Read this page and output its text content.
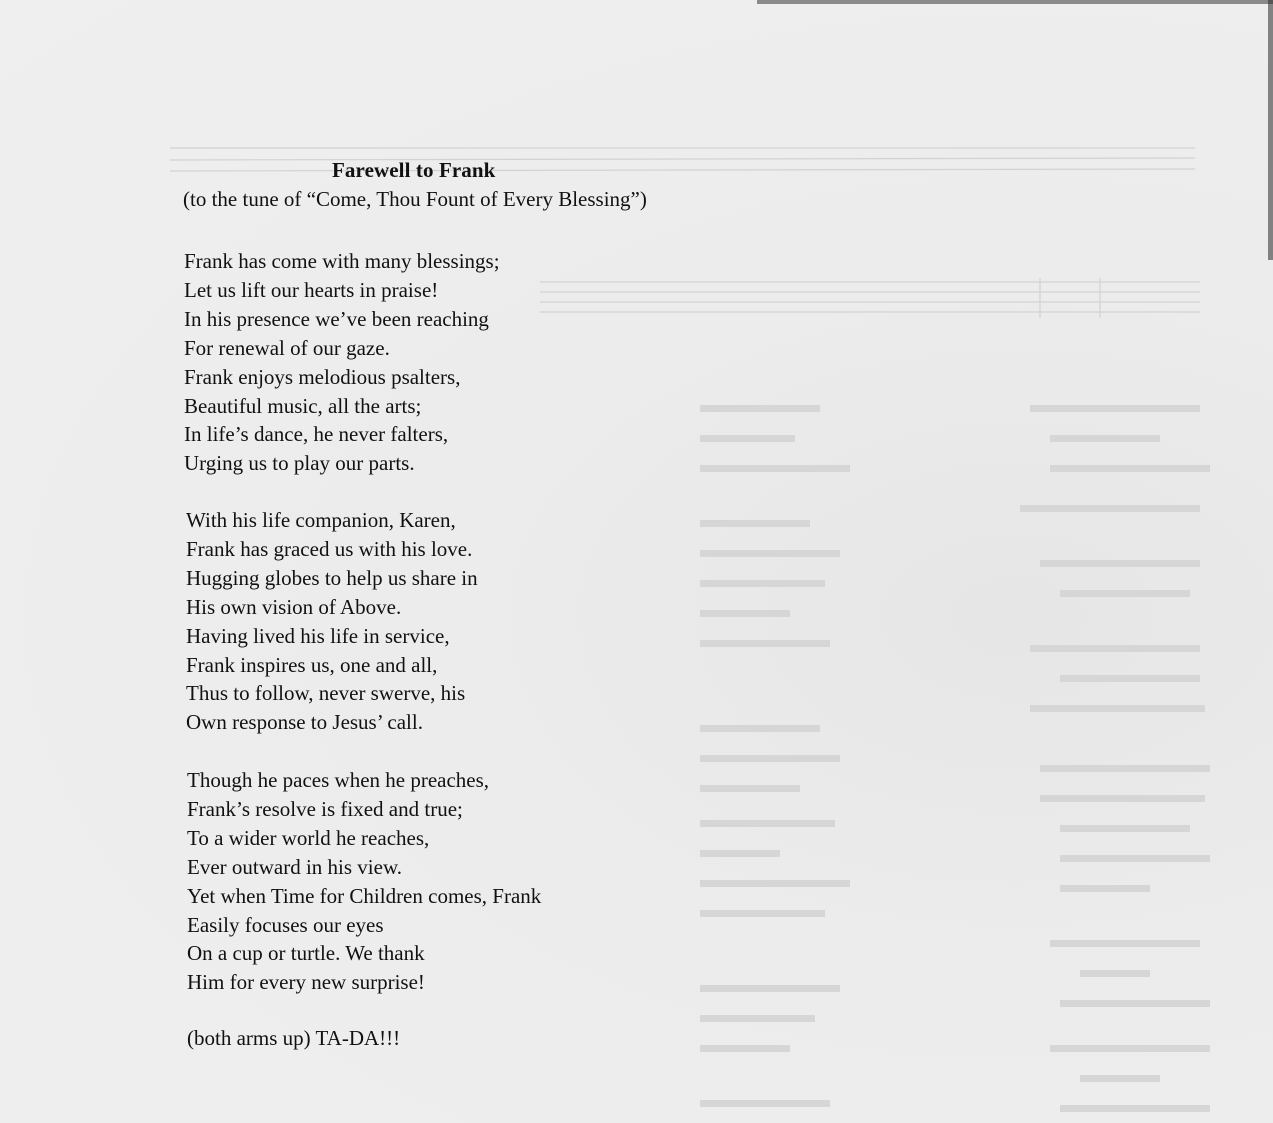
Farewell to Frank
(to the tune of “Come, Thou Fount of Every Blessing”)
Frank has come with many blessings;
Let us lift our hearts in praise!
In his presence we’ve been reaching
For renewal of our gaze.
Frank enjoys melodious psalters,
Beautiful music, all the arts;
In life’s dance, he never falters,
Urging us to play our parts.
With his life companion, Karen,
Frank has graced us with his love.
Hugging globes to help us share in
His own vision of Above.
Having lived his life in service,
Frank inspires us, one and all,
Thus to follow, never swerve, his
Own response to Jesus’ call.
Though he paces when he preaches,
Frank’s resolve is fixed and true;
To a wider world he reaches,
Ever outward in his view.
Yet when Time for Children comes, Frank
Easily focuses our eyes
On a cup or turtle. We thank
Him for every new surprise!
(both arms up) TA-DA!!!
